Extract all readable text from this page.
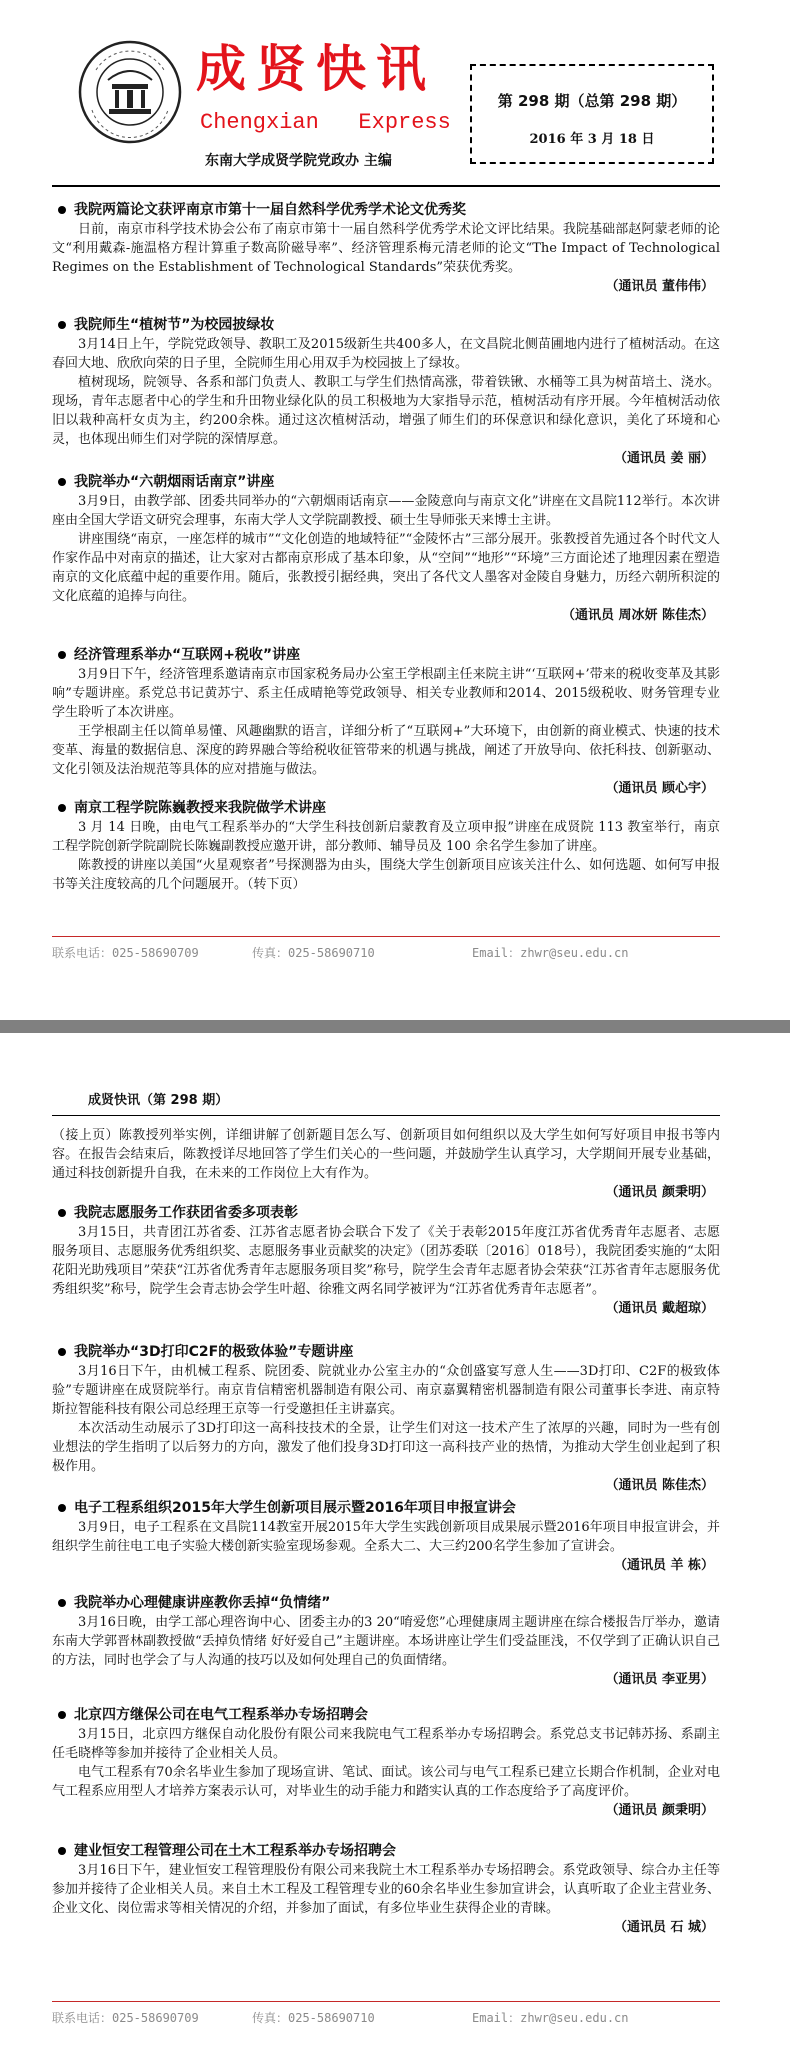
成贤快讯
Chengxian   Express
东南大学成贤学院党政办 主编
第 298 期（总第 298 期）
2016 年 3 月 18 日

我院两篇论文获评南京市第十一届自然科学优秀学术论文优秀奖

日前，南京市科学技术协会公布了南京市第十一届自然科学优秀学术论文评比结果。我院基础部赵阿蒙老师的论文“利用戴森-施温格方程计算重子数高阶磁导率”、经济管理系梅元清老师的论文“The Impact of Technological Regimes on the Establishment of Technological Standards”荣获优秀奖。

（通讯员 董伟伟）

我院师生“植树节”为校园披绿妆

3月14日上午，学院党政领导、教职工及2015级新生共400多人，在文昌院北侧苗圃地内进行了植树活动。在这春回大地、欣欣向荣的日子里，全院师生用心用双手为校园披上了绿妆。

植树现场，院领导、各系和部门负责人、教职工与学生们热情高涨，带着铁锹、水桶等工具为树苗培土、浇水。现场，青年志愿者中心的学生和升田物业绿化队的员工积极地为大家指导示范，植树活动有序开展。今年植树活动依旧以栽种高杆女贞为主，约200余株。通过这次植树活动，增强了师生们的环保意识和绿化意识，美化了环境和心灵，也体现出师生们对学院的深情厚意。

（通讯员 姜 丽）

我院举办“六朝烟雨话南京”讲座

3月9日，由教学部、团委共同举办的“六朝烟雨话南京——金陵意向与南京文化”讲座在文昌院112举行。本次讲座由全国大学语文研究会理事，东南大学人文学院副教授、硕士生导师张天来博士主讲。

讲座围绕“南京，一座怎样的城市”“文化创造的地域特征”“金陵怀古”三部分展开。张教授首先通过各个时代文人作家作品中对南京的描述，让大家对古都南京形成了基本印象，从“空间”“地形”“环境”三方面论述了地理因素在塑造南京的文化底蕴中起的重要作用。随后，张教授引据经典，突出了各代文人墨客对金陵自身魅力，历经六朝所积淀的文化底蕴的追捧与向往。

（通讯员 周冰妍 陈佳杰）

经济管理系举办“互联网+税收”讲座

3月9日下午，经济管理系邀请南京市国家税务局办公室王学根副主任来院主讲“‘互联网+’带来的税收变革及其影响”专题讲座。系党总书记黄苏宁、系主任成晴艳等党政领导、相关专业教师和2014、2015级税收、财务管理专业学生聆听了本次讲座。

王学根副主任以简单易懂、风趣幽默的语言，详细分析了“互联网+”大环境下，由创新的商业模式、快速的技术变革、海量的数据信息、深度的跨界融合等给税收征管带来的机遇与挑战，阐述了开放导向、依托科技、创新驱动、文化引领及法治规范等具体的应对措施与做法。

（通讯员 顾心宇）

南京工程学院陈巍教授来我院做学术讲座

3 月 14 日晚，由电气工程系举办的“大学生科技创新启蒙教育及立项申报”讲座在成贤院 113 教室举行，南京工程学院创新学院副院长陈巍副教授应邀开讲，部分教师、辅导员及 100 余名学生参加了讲座。

陈教授的讲座以美国“火星观察者”号探测器为由头，围绕大学生创新项目应该关注什么、如何选题、如何写申报书等关注度较高的几个问题展开。（转下页）

联系电话：025-58690709	传真：025-58690710	Email：zhwr@seu.edu.cn
成贤快讯（第 298 期）

（接上页）陈教授列举实例，详细讲解了创新题目怎么写、创新项目如何组织以及大学生如何写好项目申报书等内容。在报告会结束后，陈教授详尽地回答了学生们关心的一些问题，并鼓励学生认真学习，大学期间开展专业基础，通过科技创新提升自我，在未来的工作岗位上大有作为。

（通讯员 颜秉明）

我院志愿服务工作获团省委多项表彰

3月15日，共青团江苏省委、江苏省志愿者协会联合下发了《关于表彰2015年度江苏省优秀青年志愿者、志愿服务项目、志愿服务优秀组织奖、志愿服务事业贡献奖的决定》（团苏委联〔2016〕018号），我院团委实施的“太阳花阳光助残项目”荣获“江苏省优秀青年志愿服务项目奖”称号，院学生会青年志愿者协会荣获“江苏省青年志愿服务优秀组织奖”称号，院学生会青志协会学生叶超、徐雅文两名同学被评为“江苏省优秀青年志愿者”。

（通讯员 戴超琼）

我院举办“3D打印C2F的极致体验”专题讲座

3月16日下午，由机械工程系、院团委、院就业办公室主办的“众创盛宴写意人生——3D打印、C2F的极致体验”专题讲座在成贤院举行。南京肯信精密机器制造有限公司、南京嘉翼精密机器制造有限公司董事长李进、南京特斯拉智能科技有限公司总经理王京等一行受邀担任主讲嘉宾。

本次活动生动展示了3D打印这一高科技技术的全景，让学生们对这一技术产生了浓厚的兴趣，同时为一些有创业想法的学生指明了以后努力的方向，激发了他们投身3D打印这一高科技产业的热情，为推动大学生创业起到了积极作用。

（通讯员 陈佳杰）

电子工程系组织2015年大学生创新项目展示暨2016年项目申报宣讲会

3月9日，电子工程系在文昌院114教室开展2015年大学生实践创新项目成果展示暨2016年项目申报宣讲会，并组织学生前往电工电子实验大楼创新实验室现场参观。全系大二、大三约200名学生参加了宣讲会。

（通讯员 羊 栋）

我院举办心理健康讲座教你丢掉“负情绪”

3月16日晚，由学工部心理咨询中心、团委主办的3 20“唷爱您”心理健康周主题讲座在综合楼报告厅举办，邀请东南大学郭晋林副教授做“丢掉负情绪 好好爱自己”主题讲座。本场讲座让学生们受益匪浅，不仅学到了正确认识自己的方法，同时也学会了与人沟通的技巧以及如何处理自己的负面情绪。

（通讯员 李亚男）

北京四方继保公司在电气工程系举办专场招聘会

3月15日，北京四方继保自动化股份有限公司来我院电气工程系举办专场招聘会。系党总支书记韩苏扬、系副主任毛晓桦等参加并接待了企业相关人员。

电气工程系有70余名毕业生参加了现场宣讲、笔试、面试。该公司与电气工程系已建立长期合作机制，企业对电气工程系应用型人才培养方案表示认可，对毕业生的动手能力和踏实认真的工作态度给予了高度评价。

（通讯员 颜秉明）

建业恒安工程管理公司在土木工程系举办专场招聘会

3月16日下午，建业恒安工程管理股份有限公司来我院土木工程系举办专场招聘会。系党政领导、综合办主任等参加并接待了企业相关人员。来自土木工程及工程管理专业的60余名毕业生参加宣讲会，认真听取了企业主营业务、企业文化、岗位需求等相关情况的介绍，并参加了面试，有多位毕业生获得企业的青睐。

（通讯员 石 城）

联系电话：025-58690709	传真：025-58690710	Email：zhwr@seu.edu.cn
